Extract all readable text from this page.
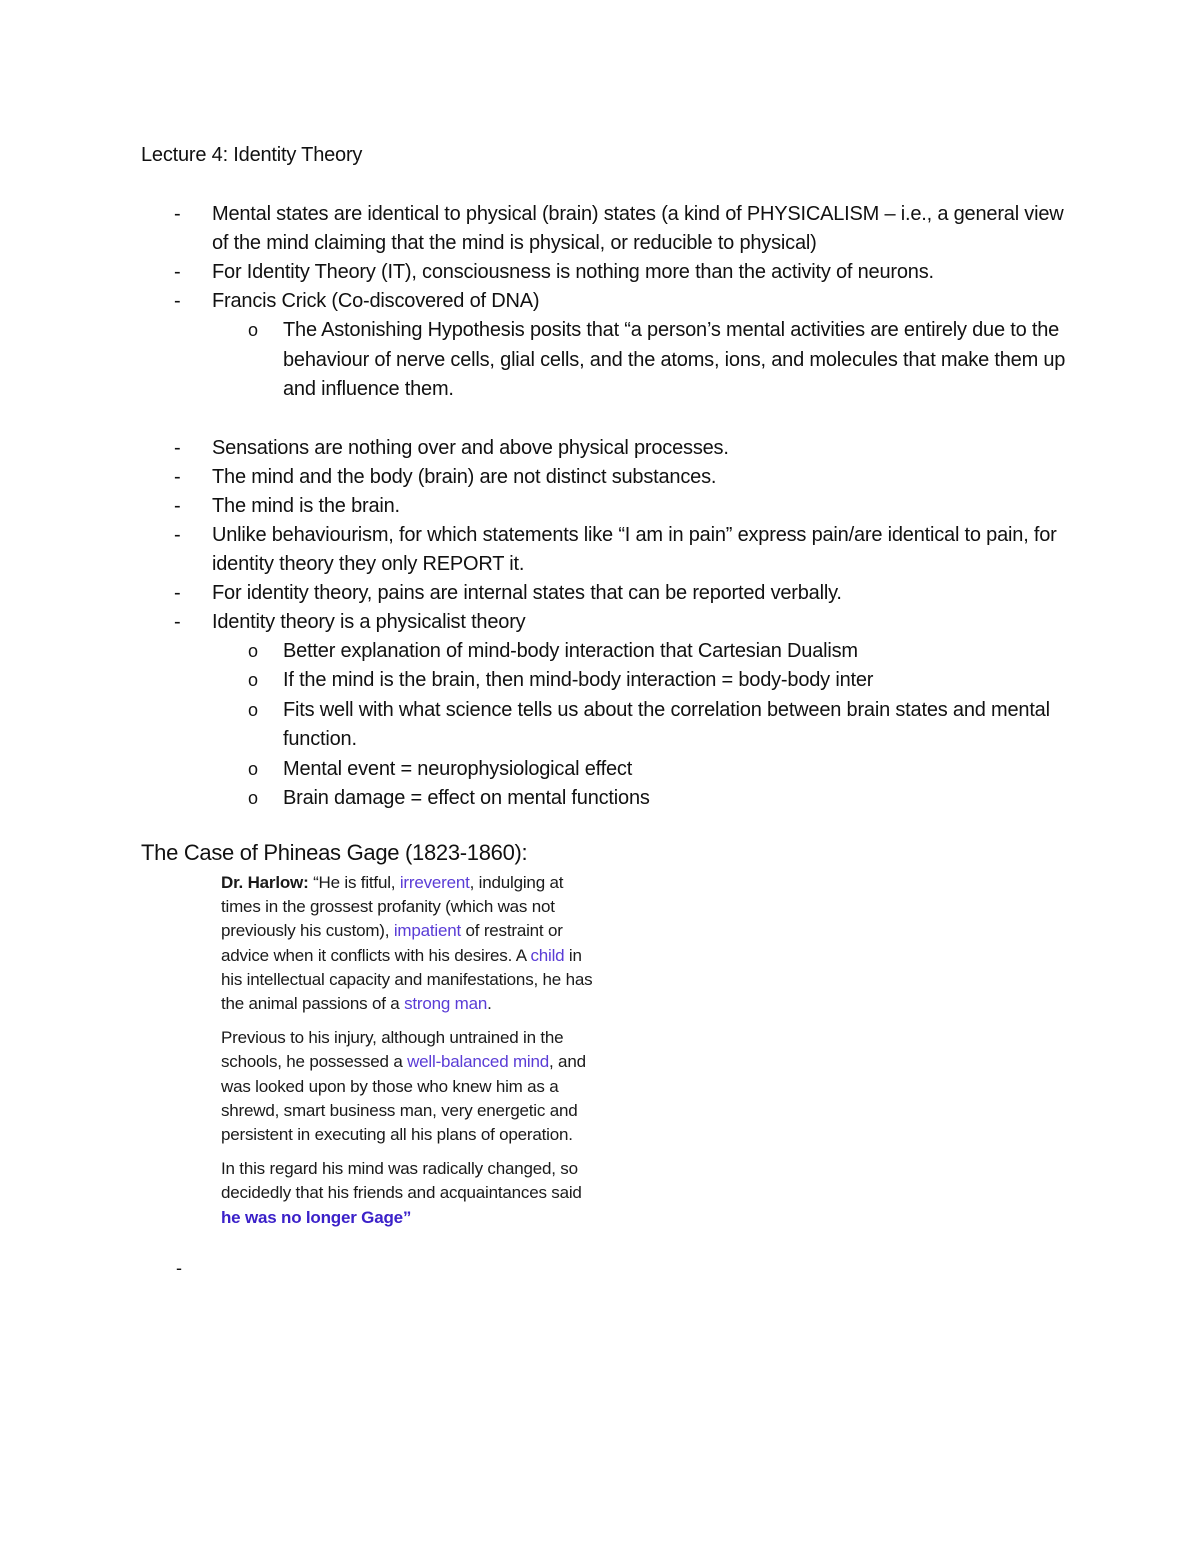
Lecture 4: Identity Theory
- Mental states are identical to physical (brain) states (a kind of PHYSICALISM – i.e., a general view of the mind claiming that the mind is physical, or reducible to physical)
- For Identity Theory (IT), consciousness is nothing more than the activity of neurons.
- Francis Crick (Co-discovered of DNA)
o The Astonishing Hypothesis posits that “a person’s mental activities are entirely due to the behaviour of nerve cells, glial cells, and the atoms, ions, and molecules that make them up and influence them.
- Sensations are nothing over and above physical processes.
- The mind and the body (brain) are not distinct substances.
- The mind is the brain.
- Unlike behaviourism, for which statements like “I am in pain” express pain/are identical to pain, for identity theory they only REPORT it.
- For identity theory, pains are internal states that can be reported verbally.
- Identity theory is a physicalist theory
o Better explanation of mind-body interaction that Cartesian Dualism
o If the mind is the brain, then mind-body interaction = body-body inter
o Fits well with what science tells us about the correlation between brain states and mental function.
o Mental event = neurophysiological effect
o Brain damage = effect on mental functions
The Case of Phineas Gage (1823-1860):

Dr. Harlow: “He is fitful, irreverent, indulging at times in the grossest profanity (which was not previously his custom), impatient of restraint or advice when it conflicts with his desires. A child in his intellectual capacity and manifestations, he has the animal passions of a strong man.

Previous to his injury, although untrained in the schools, he possessed a well-balanced mind, and was looked upon by those who knew him as a shrewd, smart business man, very energetic and persistent in executing all his plans of operation.

In this regard his mind was radically changed, so decidedly that his friends and acquaintances said he was no longer Gage”

-
